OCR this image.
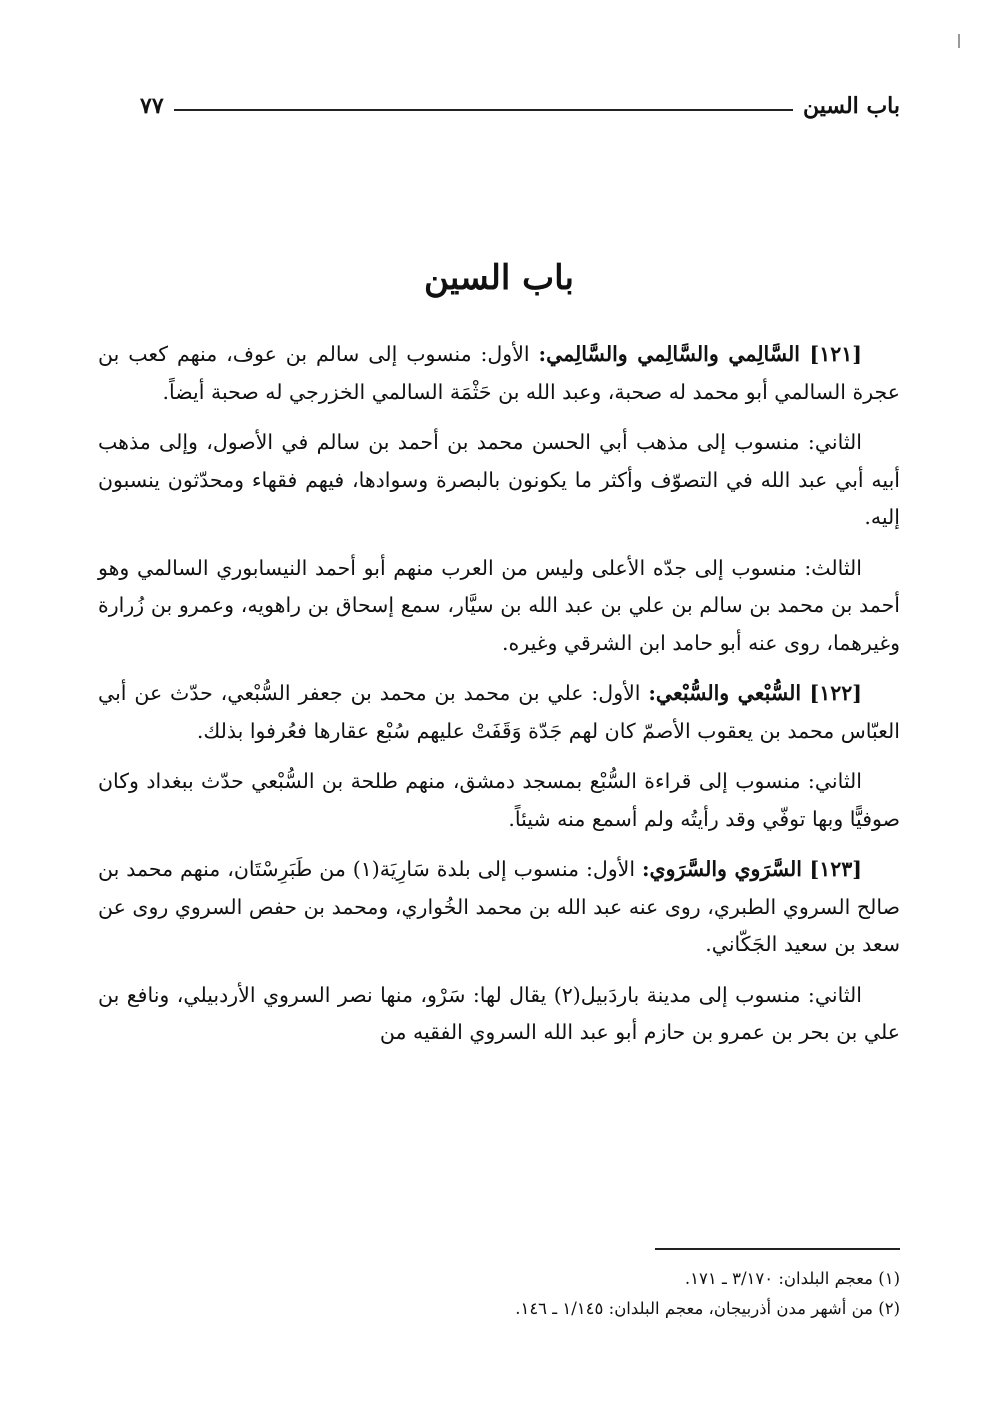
باب السين
٧٧
باب السين

[١٢١] السَّالِمي والسَّالِمي والسَّالِمي: الأول: منسوب إلى سالم بن عوف، منهم كعب بن عجرة السالمي أبو محمد له صحبة، وعبد الله بن حَثْمَة السالمي الخزرجي له صحبة أيضاً.

الثاني: منسوب إلى مذهب أبي الحسن محمد بن أحمد بن سالم في الأصول، وإلى مذهب أبيه أبي عبد الله في التصوّف وأكثر ما يكونون بالبصرة وسوادها، فيهم فقهاء ومحدّثون ينسبون إليه.

الثالث: منسوب إلى جدّه الأعلى وليس من العرب منهم أبو أحمد النيسابوري السالمي وهو أحمد بن محمد بن سالم بن علي بن عبد الله بن سيَّار، سمع إسحاق بن راهويه، وعمرو بن زُرارة وغيرهما، روى عنه أبو حامد ابن الشرقي وغيره.

[١٢٢] السُّبْعي والسُّبْعي: الأول: علي بن محمد بن محمد بن جعفر السُّبْعي، حدّث عن أبي العبّاس محمد بن يعقوب الأصمّ كان لهم جَدّة وَقَفَتْ عليهم سُبْع عقارها فعُرفوا بذلك.

الثاني: منسوب إلى قراءة السُّبْع بمسجد دمشق، منهم طلحة بن السُّبْعي حدّث ببغداد وكان صوفيًّا وبها توفّي وقد رأيتُه ولم أسمع منه شيئاً.

[١٢٣] السَّرَوي والسَّرَوي: الأول: منسوب إلى بلدة سَارِيَة(١) من طَبَرِسْتَان، منهم محمد بن صالح السروي الطبري، روى عنه عبد الله بن محمد الخُواري، ومحمد بن حفص السروي روى عن سعد بن سعيد الجَكّاني.

الثاني: منسوب إلى مدينة باردَبيل(٢) يقال لها: سَرْو، منها نصر السروي الأردبيلي، ونافع بن علي بن بحر بن عمرو بن حازم أبو عبد الله السروي الفقيه من

(١) معجم البلدان: ٣/١٧٠ ـ ١٧١.

(٢) من أشهر مدن أذربيجان، معجم البلدان: ١/١٤٥ ـ ١٤٦.
